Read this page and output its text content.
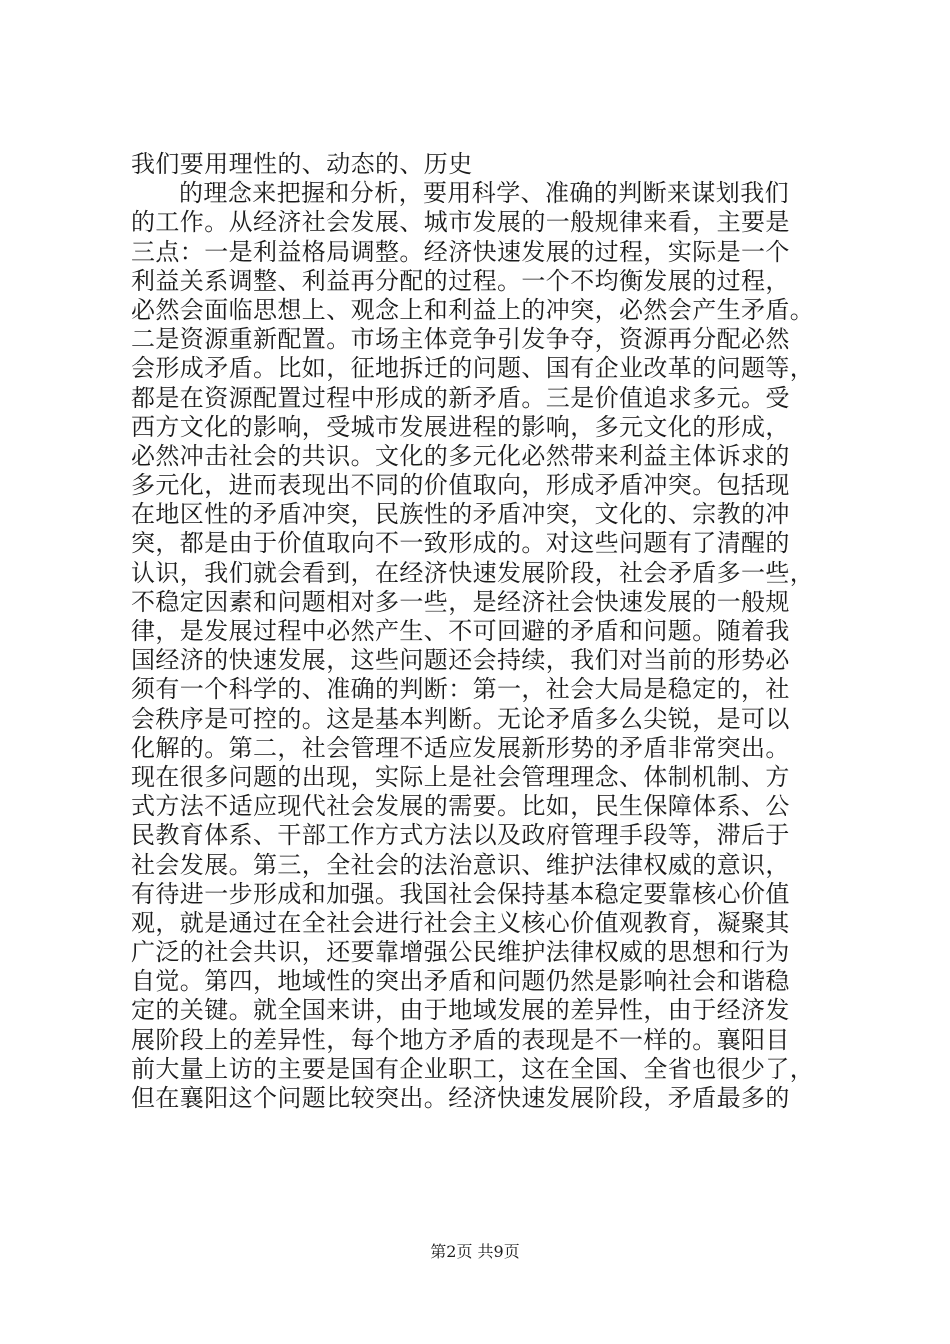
我们要用理性的、动态的、历史
的理念来把握和分析，要用科学、准确的判断来谋划我们
的工作。从经济社会发展、城市发展的一般规律来看，主要是
三点：一是利益格局调整。经济快速发展的过程，实际是一个
利益关系调整、利益再分配的过程。一个不均衡发展的过程，
必然会面临思想上、观念上和利益上的冲突，必然会产生矛盾。
二是资源重新配置。市场主体竞争引发争夺，资源再分配必然
会形成矛盾。比如，征地拆迁的问题、国有企业改革的问题等，
都是在资源配置过程中形成的新矛盾。三是价值追求多元。受
西方文化的影响，受城市发展进程的影响，多元文化的形成，
必然冲击社会的共识。文化的多元化必然带来利益主体诉求的
多元化，进而表现出不同的价值取向，形成矛盾冲突。包括现
在地区性的矛盾冲突，民族性的矛盾冲突，文化的、宗教的冲
突，都是由于价值取向不一致形成的。对这些问题有了清醒的
认识，我们就会看到，在经济快速发展阶段，社会矛盾多一些，
不稳定因素和问题相对多一些，是经济社会快速发展的一般规
律，是发展过程中必然产生、不可回避的矛盾和问题。随着我
国经济的快速发展，这些问题还会持续，我们对当前的形势必
须有一个科学的、准确的判断：第一，社会大局是稳定的，社
会秩序是可控的。这是基本判断。无论矛盾多么尖锐，是可以
化解的。第二，社会管理不适应发展新形势的矛盾非常突出。
现在很多问题的出现，实际上是社会管理理念、体制机制、方
式方法不适应现代社会发展的需要。比如，民生保障体系、公
民教育体系、干部工作方式方法以及政府管理手段等，滞后于
社会发展。第三，全社会的法治意识、维护法律权威的意识，
有待进一步形成和加强。我国社会保持基本稳定要靠核心价值
观，就是通过在全社会进行社会主义核心价值观教育，凝聚其
广泛的社会共识，还要靠增强公民维护法律权威的思想和行为
自觉。第四，地域性的突出矛盾和问题仍然是影响社会和谐稳
定的关键。就全国来讲，由于地域发展的差异性，由于经济发
展阶段上的差异性，每个地方矛盾的表现是不一样的。襄阳目
前大量上访的主要是国有企业职工，这在全国、全省也很少了，
但在襄阳这个问题比较突出。经济快速发展阶段，矛盾最多的
第2页 共9页
